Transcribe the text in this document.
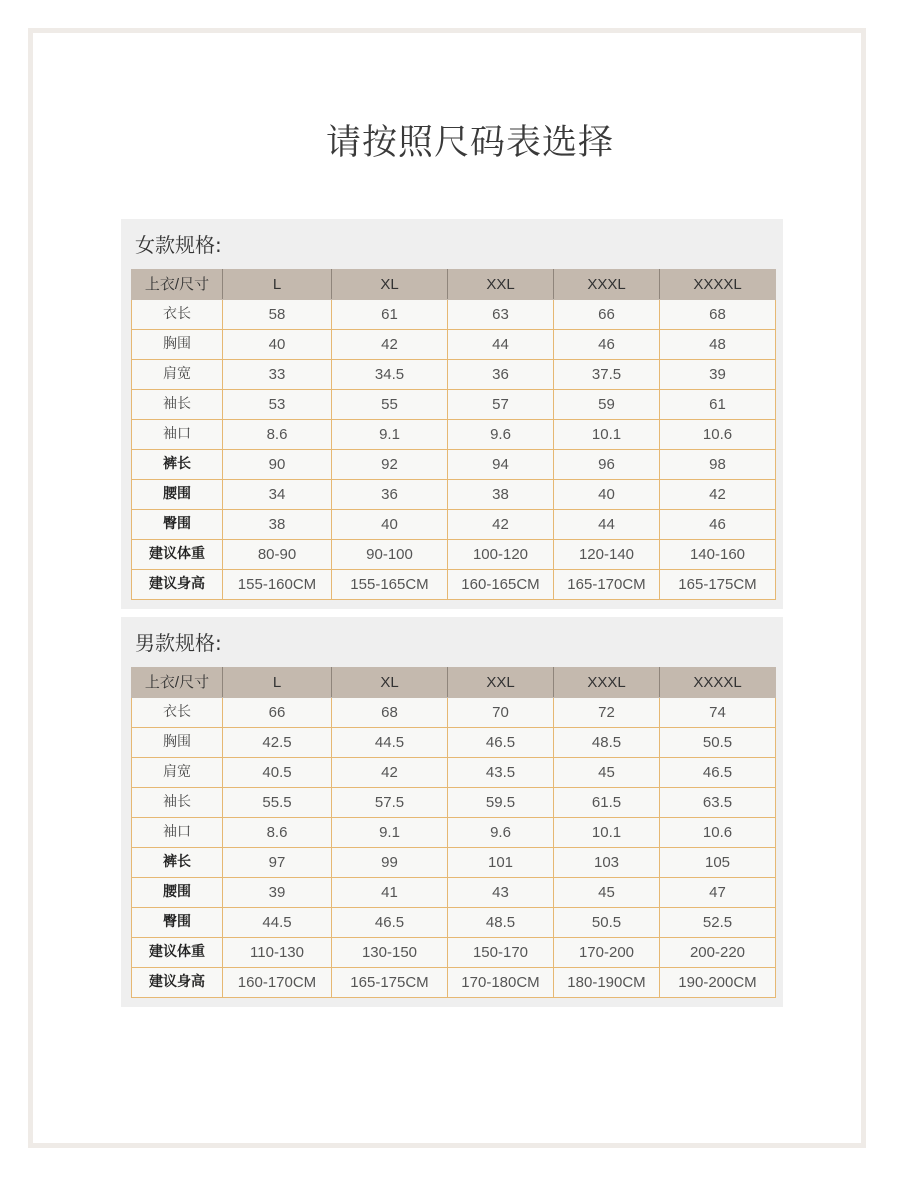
请按照尺码表选择
女款规格:
上衣/尺寸	L	XL	XXL	XXXL	XXXXL
衣长	58	61	63	66	68
胸围	40	42	44	46	48
肩宽	33	34.5	36	37.5	39
袖长	53	55	57	59	61
袖口	8.6	9.1	9.6	10.1	10.6
裤长	90	92	94	96	98
腰围	34	36	38	40	42
臀围	38	40	42	44	46
建议体重	80-90	90-100	100-120	120-140	140-160
建议身高	155-160CM	155-165CM	160-165CM	165-170CM	165-175CM
男款规格:
上衣/尺寸	L	XL	XXL	XXXL	XXXXL
衣长	66	68	70	72	74
胸围	42.5	44.5	46.5	48.5	50.5
肩宽	40.5	42	43.5	45	46.5
袖长	55.5	57.5	59.5	61.5	63.5
袖口	8.6	9.1	9.6	10.1	10.6
裤长	97	99	101	103	105
腰围	39	41	43	45	47
臀围	44.5	46.5	48.5	50.5	52.5
建议体重	110-130	130-150	150-170	170-200	200-220
建议身高	160-170CM	165-175CM	170-180CM	180-190CM	190-200CM
